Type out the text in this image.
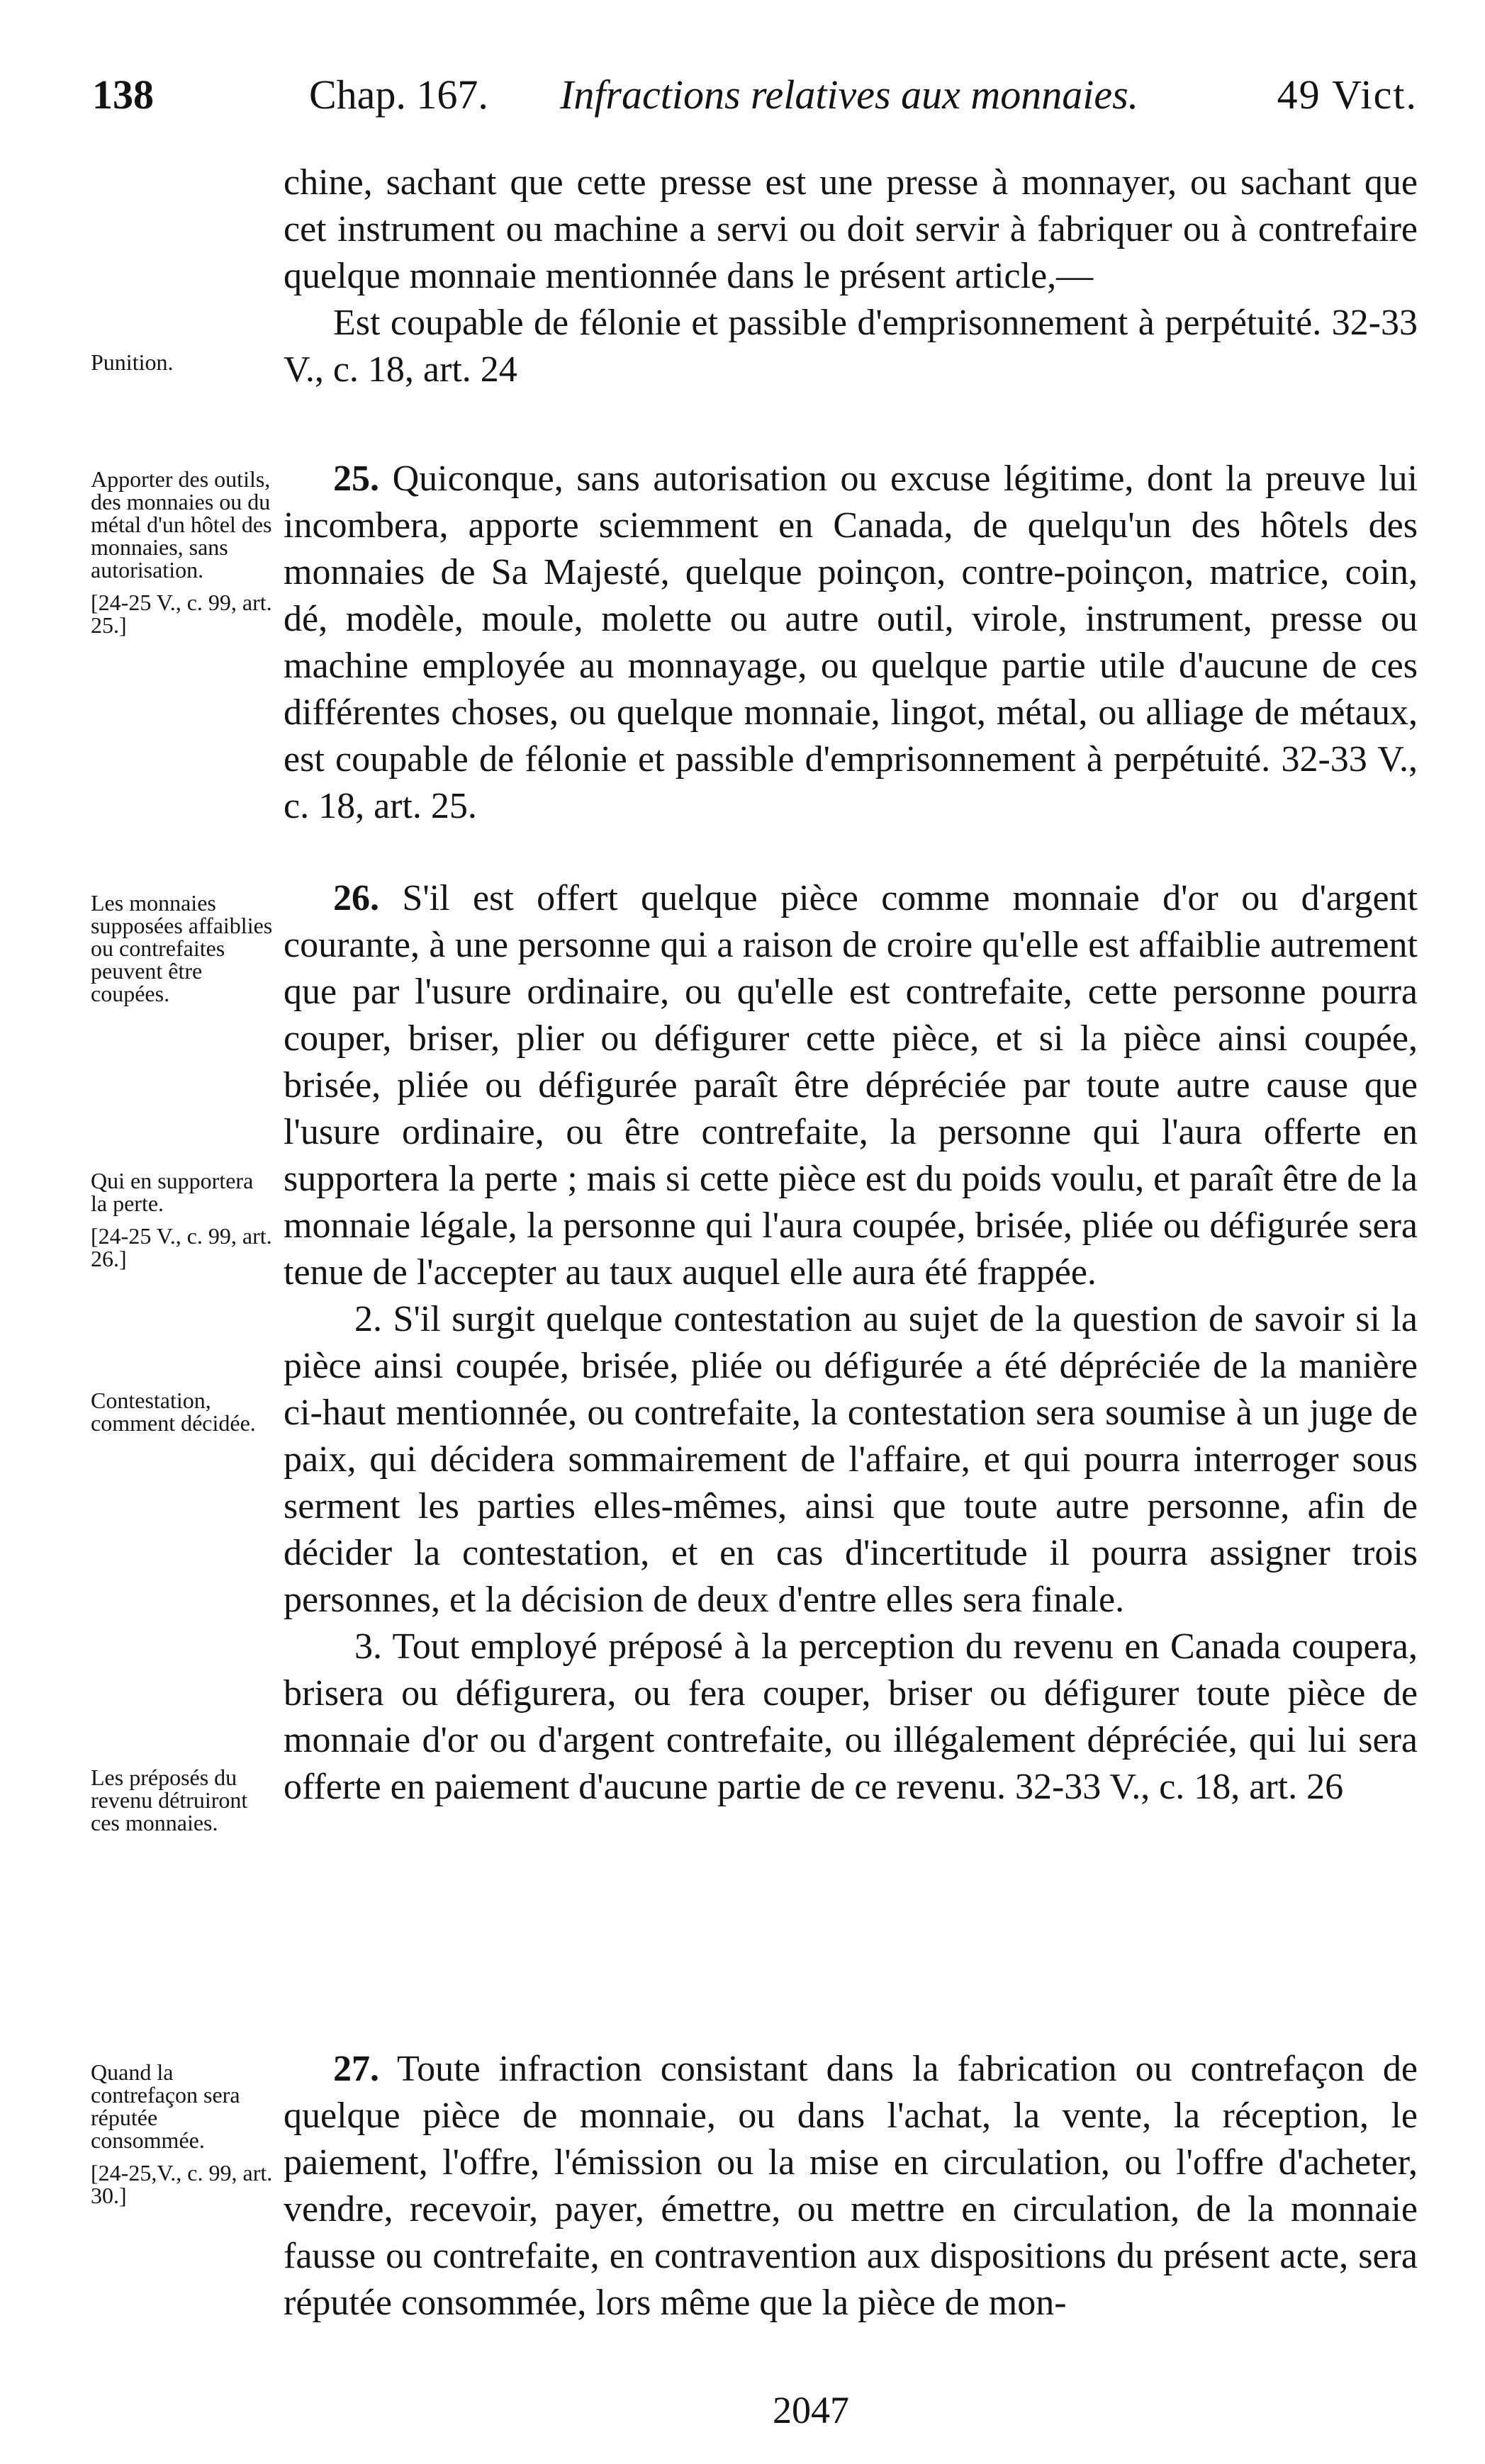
138	Chap. 167. Infractions relatives aux monnaies.	49 Vict.

chine, sachant que cette presse est une presse à monnayer, ou sachant que cet instrument ou machine a servi ou doit servir à fabriquer ou à contrefaire quelque monnaie mentionnée dans le présent article,—

Est coupable de félonie et passible d'emprisonnement à perpétuité. 32-33 V., c. 18, art. 24

25. Quiconque, sans autorisation ou excuse légitime, dont la preuve lui incombera, apporte sciemment en Canada, de quelqu'un des hôtels des monnaies de Sa Majesté, quelque poinçon, contre-poinçon, matrice, coin, dé, modèle, moule, molette ou autre outil, virole, instrument, presse ou machine employée au monnayage, ou quelque partie utile d'aucune de ces différentes choses, ou quelque monnaie, lingot, métal, ou alliage de métaux, est coupable de félonie et passible d'emprisonnement à perpétuité. 32-33 V., c. 18, art. 25.

26. S'il est offert quelque pièce comme monnaie d'or ou d'argent courante, à une personne qui a raison de croire qu'elle est affaiblie autrement que par l'usure ordinaire, ou qu'elle est contrefaite, cette personne pourra couper, briser, plier ou défigurer cette pièce, et si la pièce ainsi coupée, brisée, pliée ou défigurée paraît être dépréciée par toute autre cause que l'usure ordinaire, ou être contrefaite, la personne qui l'aura offerte en supportera la perte ; mais si cette pièce est du poids voulu, et paraît être de la monnaie légale, la personne qui l'aura coupée, brisée, pliée ou défigurée sera tenue de l'accepter au taux auquel elle aura été frappée.

2. S'il surgit quelque contestation au sujet de la question de savoir si la pièce ainsi coupée, brisée, pliée ou défigurée a été dépréciée de la manière ci-haut mentionnée, ou contrefaite, la contestation sera soumise à un juge de paix, qui décidera sommairement de l'affaire, et qui pourra interroger sous serment les parties elles-mêmes, ainsi que toute autre personne, afin de décider la contestation, et en cas d'incertitude il pourra assigner trois personnes, et la décision de deux d'entre elles sera finale.

3. Tout employé préposé à la perception du revenu en Canada coupera, brisera ou défigurera, ou fera couper, briser ou défigurer toute pièce de monnaie d'or ou d'argent contrefaite, ou illégalement dépréciée, qui lui sera offerte en paiement d'aucune partie de ce revenu. 32-33 V., c. 18, art. 26

27. Toute infraction consistant dans la fabrication ou contrefaçon de quelque pièce de monnaie, ou dans l'achat, la vente, la réception, le paiement, l'offre, l'émission ou la mise en circulation, ou l'offre d'acheter, vendre, recevoir, payer, émettre, ou mettre en circulation, de la monnaie fausse ou contrefaite, en contravention aux dispositions du présent acte, sera réputée consommée, lors même que la pièce de mon-

Punition.

Apporter des outils, des monnaies ou du métal d'un hôtel des monnaies, sans autorisation.

[24-25 V., c. 99, art. 25.]

Les monnaies supposées affaiblies ou contrefaites peuvent être coupées.

Qui en supportera la perte.

[24-25 V., c. 99, art. 26.]

Contestation, comment décidée.

Les préposés du revenu détruiront ces monnaies.

Quand la contrefaçon sera réputée consommée.

[24-25,V., c. 99, art. 30.]

2047
